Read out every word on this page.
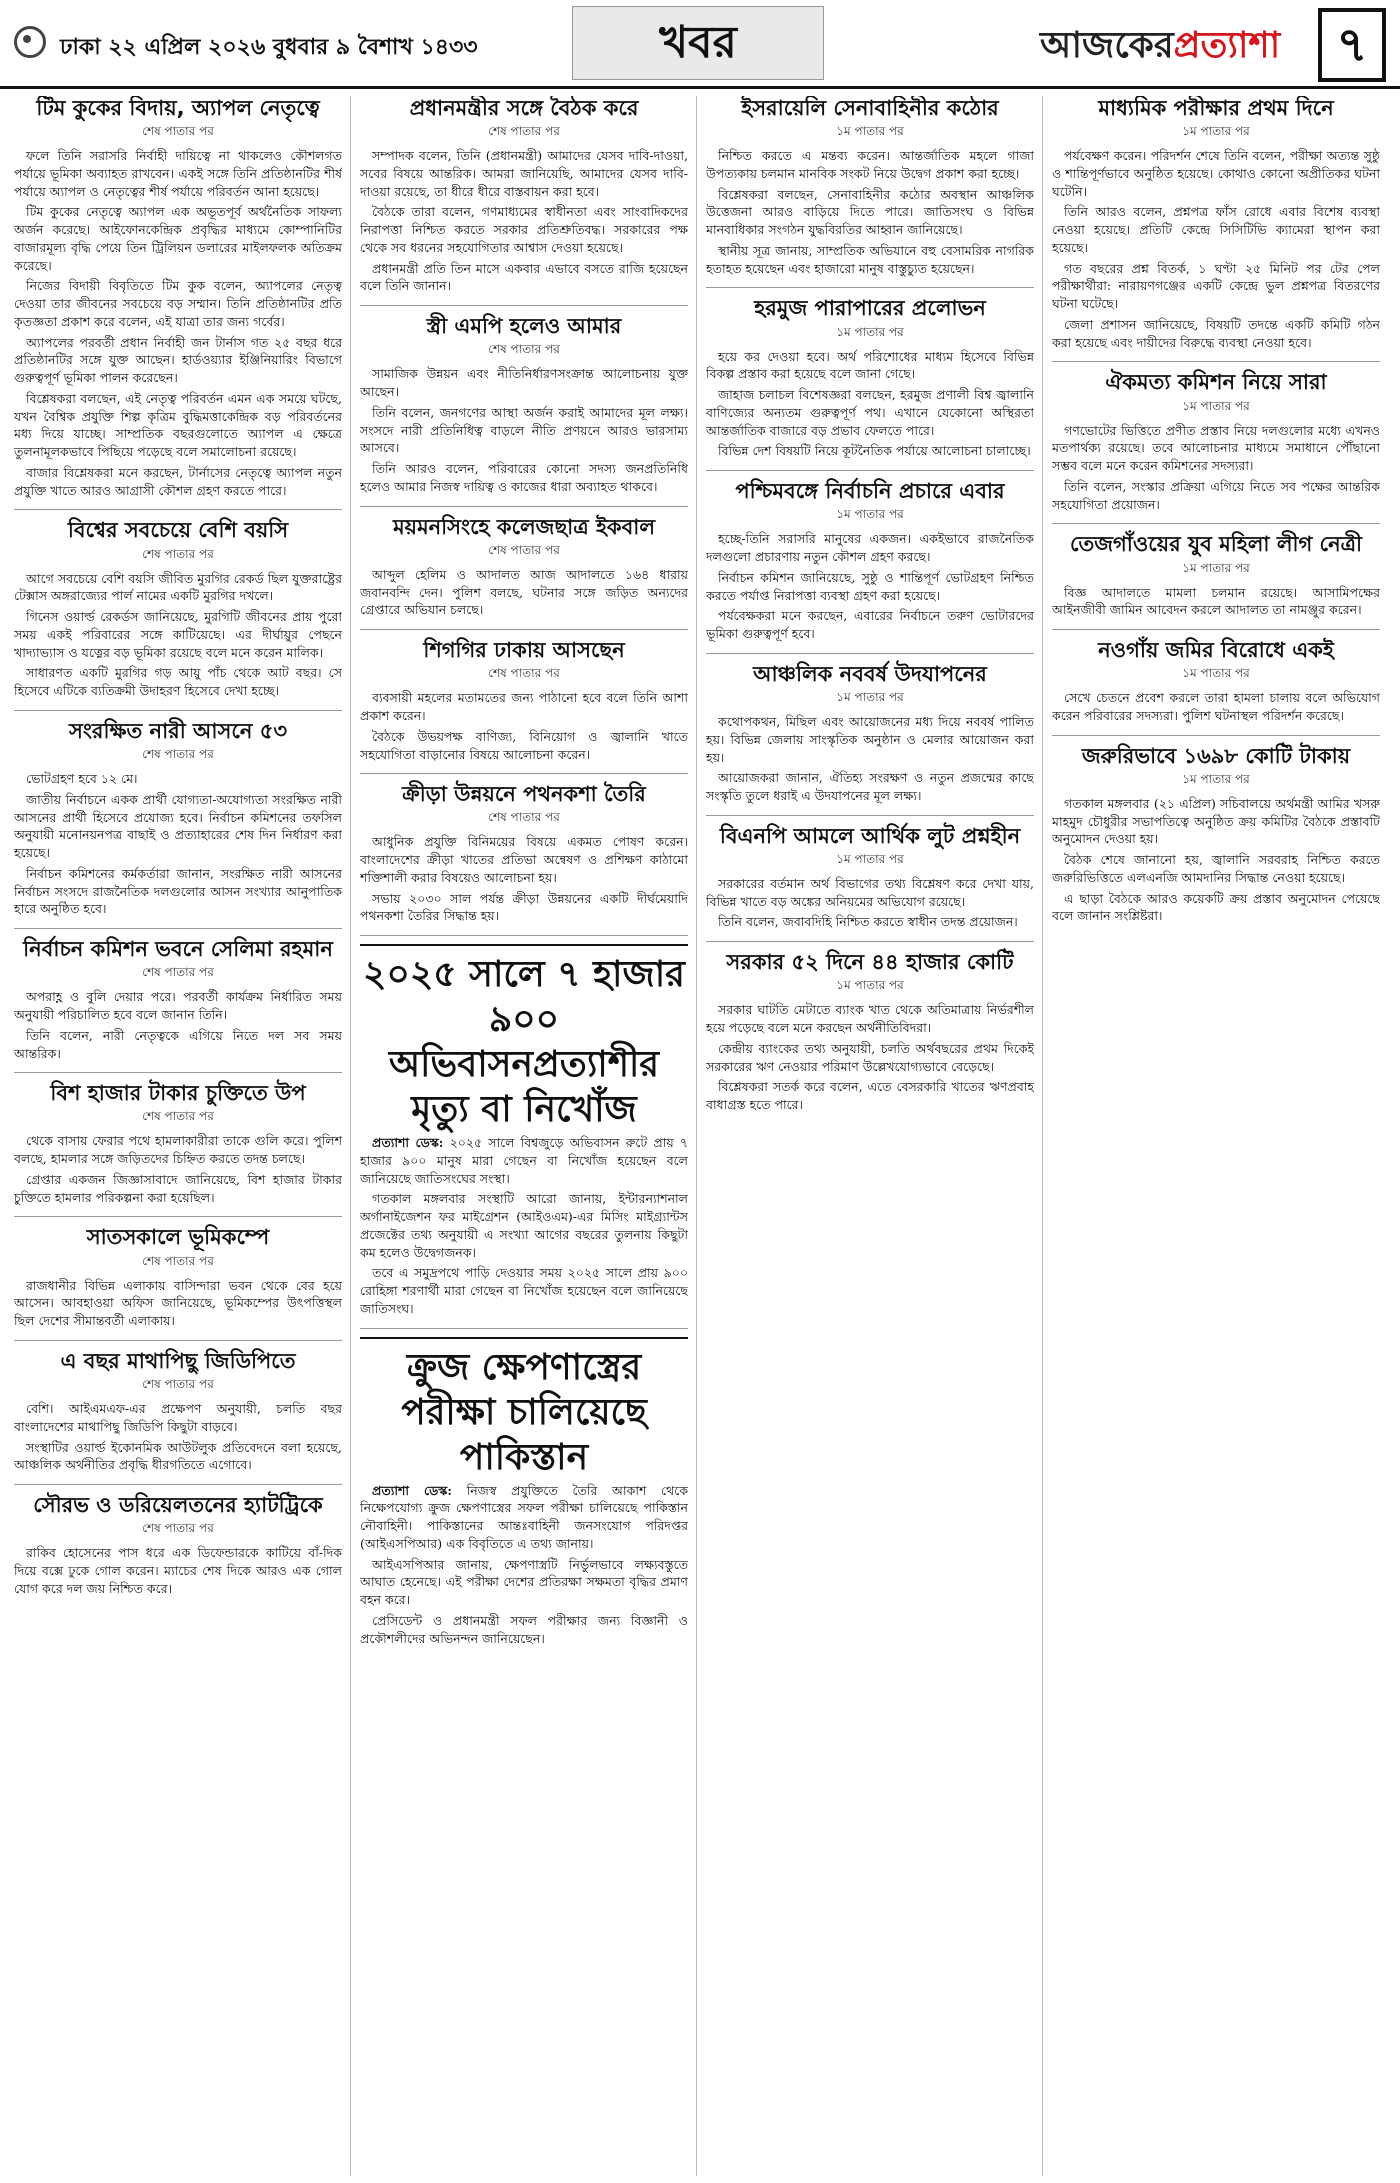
ঢাকা ২২ এপ্রিল ২০২৬ বুধবার ৯ বৈশাখ ১৪৩৩	খবর	আজকেরপ্রত্যাশা	৭
টিম কুকের বিদায়, অ্যাপল নেতৃত্বে
শেষ পাতার পর

ফলে তিনি সরাসরি নির্বাহী দায়িত্বে না থাকলেও কৌশলগত পর্যায়ে ভূমিকা অব্যাহত রাখবেন। একই সঙ্গে তিনি প্রতিষ্ঠানটির শীর্ষ পর্যায়ে অ্যাপল ও নেতৃত্বের শীর্ষ পর্যায়ে পরিবর্তন আনা হয়েছে।

টিম কুকের নেতৃত্বে অ্যাপল এক অভূতপূর্ব অর্থনৈতিক সাফল্য অর্জন করেছে। আইফোনকেন্দ্রিক প্রবৃদ্ধির মাধ্যমে কোম্পানিটির বাজারমূল্য বৃদ্ধি পেয়ে তিন ট্রিলিয়ন ডলারের মাইলফলক অতিক্রম করেছে।

নিজের বিদায়ী বিবৃতিতে টিম কুক বলেন, অ্যাপলের নেতৃত্ব দেওয়া তার জীবনের সবচেয়ে বড় সম্মান। তিনি প্রতিষ্ঠানটির প্রতি কৃতজ্ঞতা প্রকাশ করে বলেন, এই যাত্রা তার জন্য গর্বের।

অ্যাপলের পরবর্তী প্রধান নির্বাহী জন টার্নাস গত ২৫ বছর ধরে প্রতিষ্ঠানটির সঙ্গে যুক্ত আছেন। হার্ডওয়্যার ইঞ্জিনিয়ারিং বিভাগে গুরুত্বপূর্ণ ভূমিকা পালন করেছেন।

বিশ্লেষকরা বলছেন, এই নেতৃত্ব পরিবর্তন এমন এক সময়ে ঘটছে, যখন বৈশ্বিক প্রযুক্তি শিল্প কৃত্রিম বুদ্ধিমত্তাকেন্দ্রিক বড় পরিবর্তনের মধ্য দিয়ে যাচ্ছে। সাম্প্রতিক বছরগুলোতে অ্যাপল এ ক্ষেত্রে তুলনামূলকভাবে পিছিয়ে পড়েছে বলে সমালোচনা রয়েছে।

বাজার বিশ্লেষকরা মনে করছেন, টার্নাসের নেতৃত্বে অ্যাপল নতুন প্রযুক্তি খাতে আরও আগ্রাসী কৌশল গ্রহণ করতে পারে।

বিশ্বের সবচেয়ে বেশি বয়সি
শেষ পাতার পর

আগে সবচেয়ে বেশি বয়সি জীবিত মুরগির রেকর্ড ছিল যুক্তরাষ্ট্রের টেক্সাস অঙ্গরাজ্যের পার্ল নামের একটি মুরগির দখলে।

গিনেস ওয়ার্ল্ড রেকর্ডস জানিয়েছে, মুরগিটি জীবনের প্রায় পুরো সময় একই পরিবারের সঙ্গে কাটিয়েছে। এর দীর্ঘায়ুর পেছনে খাদ্যাভ্যাস ও যত্নের বড় ভূমিকা রয়েছে বলে মনে করেন মালিক।

সাধারণত একটি মুরগির গড় আয়ু পাঁচ থেকে আট বছর। সে হিসেবে এটিকে ব্যতিক্রমী উদাহরণ হিসেবে দেখা হচ্ছে।

সংরক্ষিত নারী আসনে ৫৩
শেষ পাতার পর

ভোটগ্রহণ হবে ১২ মে।

জাতীয় নির্বাচনে একক প্রার্থী যোগ্যতা-অযোগ্যতা সংরক্ষিত নারী আসনের প্রার্থী হিসেবে প্রযোজ্য হবে। নির্বাচন কমিশনের তফসিল অনুযায়ী মনোনয়নপত্র বাছাই ও প্রত্যাহারের শেষ দিন নির্ধারণ করা হয়েছে।

নির্বাচন কমিশনের কর্মকর্তারা জানান, সংরক্ষিত নারী আসনের নির্বাচন সংসদে রাজনৈতিক দলগুলোর আসন সংখ্যার আনুপাতিক হারে অনুষ্ঠিত হবে।

নির্বাচন কমিশন ভবনে সেলিমা রহমান
শেষ পাতার পর

অপরাহ্ণ ও বুলি দেয়ার পরে। পরবর্তী কার্যক্রম নির্ধারিত সময় অনুযায়ী পরিচালিত হবে বলে জানান তিনি।

তিনি বলেন, নারী নেতৃত্বকে এগিয়ে নিতে দল সব সময় আন্তরিক।

বিশ হাজার টাকার চুক্তিতে উপ
শেষ পাতার পর

থেকে বাসায় ফেরার পথে হামলাকারীরা তাকে গুলি করে। পুলিশ বলছে, হামলার সঙ্গে জড়িতদের চিহ্নিত করতে তদন্ত চলছে।

গ্রেপ্তার একজন জিজ্ঞাসাবাদে জানিয়েছে, বিশ হাজার টাকার চুক্তিতে হামলার পরিকল্পনা করা হয়েছিল।

সাতসকালে ভূমিকম্পে
শেষ পাতার পর

রাজধানীর বিভিন্ন এলাকায় বাসিন্দারা ভবন থেকে বের হয়ে আসেন। আবহাওয়া অফিস জানিয়েছে, ভূমিকম্পের উৎপত্তিস্থল ছিল দেশের সীমান্তবর্তী এলাকায়।

এ বছর মাথাপিছু জিডিপিতে
শেষ পাতার পর

বেশি। আইএমএফ-এর প্রক্ষেপণ অনুযায়ী, চলতি বছর বাংলাদেশের মাথাপিছু জিডিপি কিছুটা বাড়বে।

সংস্থাটির ওয়ার্ল্ড ইকোনমিক আউটলুক প্রতিবেদনে বলা হয়েছে, আঞ্চলিক অর্থনীতির প্রবৃদ্ধি ধীরগতিতে এগোবে।

সৌরভ ও ডরিয়েলতনের হ্যাটট্রিকে
শেষ পাতার পর

রাকিব হোসেনের পাস ধরে এক ডিফেন্ডারকে কাটিয়ে বাঁ-দিক দিয়ে বক্সে ঢুকে গোল করেন। ম্যাচের শেষ দিকে আরও এক গোল যোগ করে দল জয় নিশ্চিত করে।

প্রধানমন্ত্রীর সঙ্গে বৈঠক করে
শেষ পাতার পর

সম্পাদক বলেন, তিনি (প্রধানমন্ত্রী) আমাদের যেসব দাবি-দাওয়া, সবের বিষয়ে আন্তরিক। আমরা জানিয়েছি, আমাদের যেসব দাবি-দাওয়া রয়েছে, তা ধীরে ধীরে বাস্তবায়ন করা হবে।

বৈঠকে তারা বলেন, গণমাধ্যমের স্বাধীনতা এবং সাংবাদিকদের নিরাপত্তা নিশ্চিত করতে সরকার প্রতিশ্রুতিবদ্ধ। সরকারের পক্ষ থেকে সব ধরনের সহযোগিতার আশ্বাস দেওয়া হয়েছে।

প্রধানমন্ত্রী প্রতি তিন মাসে একবার এভাবে বসতে রাজি হয়েছেন বলে তিনি জানান।

স্ত্রী এমপি হলেও আমার
শেষ পাতার পর

সামাজিক উন্নয়ন এবং নীতিনির্ধারণসংক্রান্ত আলোচনায় যুক্ত আছেন।

তিনি বলেন, জনগণের আস্থা অর্জন করাই আমাদের মূল লক্ষ্য। সংসদে নারী প্রতিনিধিত্ব বাড়লে নীতি প্রণয়নে আরও ভারসাম্য আসবে।

তিনি আরও বলেন, পরিবারের কোনো সদস্য জনপ্রতিনিধি হলেও আমার নিজস্ব দায়িত্ব ও কাজের ধারা অব্যাহত থাকবে।

ময়মনসিংহে কলেজছাত্র ইকবাল
শেষ পাতার পর

আব্দুল হেলিম ও আদালত আজ আদালতে ১৬৪ ধারায় জবানবন্দি দেন। পুলিশ বলছে, ঘটনার সঙ্গে জড়িত অন্যদের গ্রেপ্তারে অভিযান চলছে।

শিগগির ঢাকায় আসছেন
শেষ পাতার পর

ব্যবসায়ী মহলের মতামতের জন্য পাঠানো হবে বলে তিনি আশা প্রকাশ করেন।

বৈঠকে উভয়পক্ষ বাণিজ্য, বিনিয়োগ ও জ্বালানি খাতে সহযোগিতা বাড়ানোর বিষয়ে আলোচনা করেন।

ক্রীড়া উন্নয়নে পথনকশা তৈরি
শেষ পাতার পর

আধুনিক প্রযুক্তি বিনিময়ের বিষয়ে একমত পোষণ করেন। বাংলাদেশের ক্রীড়া খাতের প্রতিভা অন্বেষণ ও প্রশিক্ষণ কাঠামো শক্তিশালী করার বিষয়েও আলোচনা হয়।

সভায় ২০৩০ সাল পর্যন্ত ক্রীড়া উন্নয়নের একটি দীর্ঘমেয়াদি পথনকশা তৈরির সিদ্ধান্ত হয়।

২০২৫ সালে ৭ হাজার ৯০০ অভিবাসনপ্রত্যাশীর মৃত্যু বা নিখোঁজ

প্রত্যাশা ডেস্ক: ২০২৫ সালে বিশ্বজুড়ে অভিবাসন রুটে প্রায় ৭ হাজার ৯০০ মানুষ মারা গেছেন বা নিখোঁজ হয়েছেন বলে জানিয়েছে জাতিসংঘের সংস্থা।

গতকাল মঙ্গলবার সংস্থাটি আরো জানায়, ইন্টারন্যাশনাল অর্গানাইজেশন ফর মাইগ্রেশন (আইওএম)-এর মিসিং মাইগ্র্যান্টস প্রজেক্টের তথ্য অনুযায়ী এ সংখ্যা আগের বছরের তুলনায় কিছুটা কম হলেও উদ্বেগজনক।

তবে এ সমুদ্রপথে পাড়ি দেওয়ার সময় ২০২৫ সালে প্রায় ৯০০ রোহিঙ্গা শরণার্থী মারা গেছেন বা নিখোঁজ হয়েছেন বলে জানিয়েছে জাতিসংঘ।

ক্রুজ ক্ষেপণাস্ত্রের পরীক্ষা চালিয়েছে পাকিস্তান

প্রত্যাশা ডেস্ক: নিজস্ব প্রযুক্তিতে তৈরি আকাশ থেকে নিক্ষেপযোগ্য ক্রুজ ক্ষেপণাস্ত্রের সফল পরীক্ষা চালিয়েছে পাকিস্তান নৌবাহিনী। পাকিস্তানের আন্তঃবাহিনী জনসংযোগ পরিদপ্তর (আইএসপিআর) এক বিবৃতিতে এ তথ্য জানায়।

আইএসপিআর জানায়, ক্ষেপণাস্ত্রটি নির্ভুলভাবে লক্ষ্যবস্তুতে আঘাত হেনেছে। এই পরীক্ষা দেশের প্রতিরক্ষা সক্ষমতা বৃদ্ধির প্রমাণ বহন করে।

প্রেসিডেন্ট ও প্রধানমন্ত্রী সফল পরীক্ষার জন্য বিজ্ঞানী ও প্রকৌশলীদের অভিনন্দন জানিয়েছেন।

ইসরায়েলি সেনাবাহিনীর কঠোর
১ম পাতার পর

নিশ্চিত করতে এ মন্তব্য করেন। আন্তর্জাতিক মহলে গাজা উপত্যকায় চলমান মানবিক সংকট নিয়ে উদ্বেগ প্রকাশ করা হচ্ছে।

বিশ্লেষকরা বলছেন, সেনাবাহিনীর কঠোর অবস্থান আঞ্চলিক উত্তেজনা আরও বাড়িয়ে দিতে পারে। জাতিসংঘ ও বিভিন্ন মানবাধিকার সংগঠন যুদ্ধবিরতির আহ্বান জানিয়েছে।

স্থানীয় সূত্র জানায়, সাম্প্রতিক অভিযানে বহু বেসামরিক নাগরিক হতাহত হয়েছেন এবং হাজারো মানুষ বাস্তুচ্যুত হয়েছেন।

হরমুজ পারাপারের প্রলোভন
১ম পাতার পর

হয়ে কর দেওয়া হবে। অর্থ পরিশোধের মাধ্যম হিসেবে বিভিন্ন বিকল্প প্রস্তাব করা হয়েছে বলে জানা গেছে।

জাহাজ চলাচল বিশেষজ্ঞরা বলছেন, হরমুজ প্রণালী বিশ্ব জ্বালানি বাণিজ্যের অন্যতম গুরুত্বপূর্ণ পথ। এখানে যেকোনো অস্থিরতা আন্তর্জাতিক বাজারে বড় প্রভাব ফেলতে পারে।

বিভিন্ন দেশ বিষয়টি নিয়ে কূটনৈতিক পর্যায়ে আলোচনা চালাচ্ছে।

পশ্চিমবঙ্গে নির্বাচনি প্রচারে এবার
১ম পাতার পর

হচ্ছে-তিনি সরাসরি মানুষের একজন। একইভাবে রাজনৈতিক দলগুলো প্রচারণায় নতুন কৌশল গ্রহণ করছে।

নির্বাচন কমিশন জানিয়েছে, সুষ্ঠু ও শান্তিপূর্ণ ভোটগ্রহণ নিশ্চিত করতে পর্যাপ্ত নিরাপত্তা ব্যবস্থা গ্রহণ করা হয়েছে।

পর্যবেক্ষকরা মনে করছেন, এবারের নির্বাচনে তরুণ ভোটারদের ভূমিকা গুরুত্বপূর্ণ হবে।

আঞ্চলিক নববর্ষ উদযাপনের
১ম পাতার পর

কথোপকথন, মিছিল এবং আয়োজনের মধ্য দিয়ে নববর্ষ পালিত হয়। বিভিন্ন জেলায় সাংস্কৃতিক অনুষ্ঠান ও মেলার আয়োজন করা হয়।

আয়োজকরা জানান, ঐতিহ্য সংরক্ষণ ও নতুন প্রজন্মের কাছে সংস্কৃতি তুলে ধরাই এ উদযাপনের মূল লক্ষ্য।

বিএনপি আমলে আর্থিক লুট প্রশ্নহীন
১ম পাতার পর

সরকারের বর্তমান অর্থ বিভাগের তথ্য বিশ্লেষণ করে দেখা যায়, বিভিন্ন খাতে বড় অঙ্কের অনিয়মের অভিযোগ রয়েছে।

তিনি বলেন, জবাবদিহি নিশ্চিত করতে স্বাধীন তদন্ত প্রয়োজন।

সরকার ৫২ দিনে ৪৪ হাজার কোটি
১ম পাতার পর

সরকার ঘাটতি মেটাতে ব্যাংক খাত থেকে অতিমাত্রায় নির্ভরশীল হয়ে পড়েছে বলে মনে করছেন অর্থনীতিবিদরা।

কেন্দ্রীয় ব্যাংকের তথ্য অনুযায়ী, চলতি অর্থবছরের প্রথম দিকেই সরকারের ঋণ নেওয়ার পরিমাণ উল্লেখযোগ্যভাবে বেড়েছে।

বিশ্লেষকরা সতর্ক করে বলেন, এতে বেসরকারি খাতের ঋণপ্রবাহ বাধাগ্রস্ত হতে পারে।

মাধ্যমিক পরীক্ষার প্রথম দিনে
১ম পাতার পর

পর্যবেক্ষণ করেন। পরিদর্শন শেষে তিনি বলেন, পরীক্ষা অত্যন্ত সুষ্ঠু ও শান্তিপূর্ণভাবে অনুষ্ঠিত হয়েছে। কোথাও কোনো অপ্রীতিকর ঘটনা ঘটেনি।

তিনি আরও বলেন, প্রশ্নপত্র ফাঁস রোধে এবার বিশেষ ব্যবস্থা নেওয়া হয়েছে। প্রতিটি কেন্দ্রে সিসিটিভি ক্যামেরা স্থাপন করা হয়েছে।

গত বছরের প্রশ্ন বিতর্ক, ১ ঘণ্টা ২৫ মিনিট পর টের পেল পরীক্ষার্থীরা: নারায়ণগঞ্জের একটি কেন্দ্রে ভুল প্রশ্নপত্র বিতরণের ঘটনা ঘটেছে।

জেলা প্রশাসন জানিয়েছে, বিষয়টি তদন্তে একটি কমিটি গঠন করা হয়েছে এবং দায়ীদের বিরুদ্ধে ব্যবস্থা নেওয়া হবে।

ঐকমত্য কমিশন নিয়ে সারা
১ম পাতার পর

গণভোটের ভিত্তিতে প্রণীত প্রস্তাব নিয়ে দলগুলোর মধ্যে এখনও মতপার্থক্য রয়েছে। তবে আলোচনার মাধ্যমে সমাধানে পৌঁছানো সম্ভব বলে মনে করেন কমিশনের সদস্যরা।

তিনি বলেন, সংস্কার প্রক্রিয়া এগিয়ে নিতে সব পক্ষের আন্তরিক সহযোগিতা প্রয়োজন।

তেজগাঁওয়ের যুব মহিলা লীগ নেত্রী
১ম পাতার পর

বিজ্ঞ আদালতে মামলা চলমান রয়েছে। আসামিপক্ষের আইনজীবী জামিন আবেদন করলে আদালত তা নামঞ্জুর করেন।

নওগাঁয় জমির বিরোধে একই
১ম পাতার পর

সেখে চেতনে প্রবেশ করলে তারা হামলা চালায় বলে অভিযোগ করেন পরিবারের সদস্যরা। পুলিশ ঘটনাস্থল পরিদর্শন করেছে।

জরুরিভাবে ১৬৯৮ কোটি টাকায়
১ম পাতার পর

গতকাল মঙ্গলবার (২১ এপ্রিল) সচিবালয়ে অর্থমন্ত্রী আমির খসরু মাহমুদ চৌধুরীর সভাপতিত্বে অনুষ্ঠিত ক্রয় কমিটির বৈঠকে প্রস্তাবটি অনুমোদন দেওয়া হয়।

বৈঠক শেষে জানানো হয়, জ্বালানি সরবরাহ নিশ্চিত করতে জরুরিভিত্তিতে এলএনজি আমদানির সিদ্ধান্ত নেওয়া হয়েছে।

এ ছাড়া বৈঠকে আরও কয়েকটি ক্রয় প্রস্তাব অনুমোদন পেয়েছে বলে জানান সংশ্লিষ্টরা।
